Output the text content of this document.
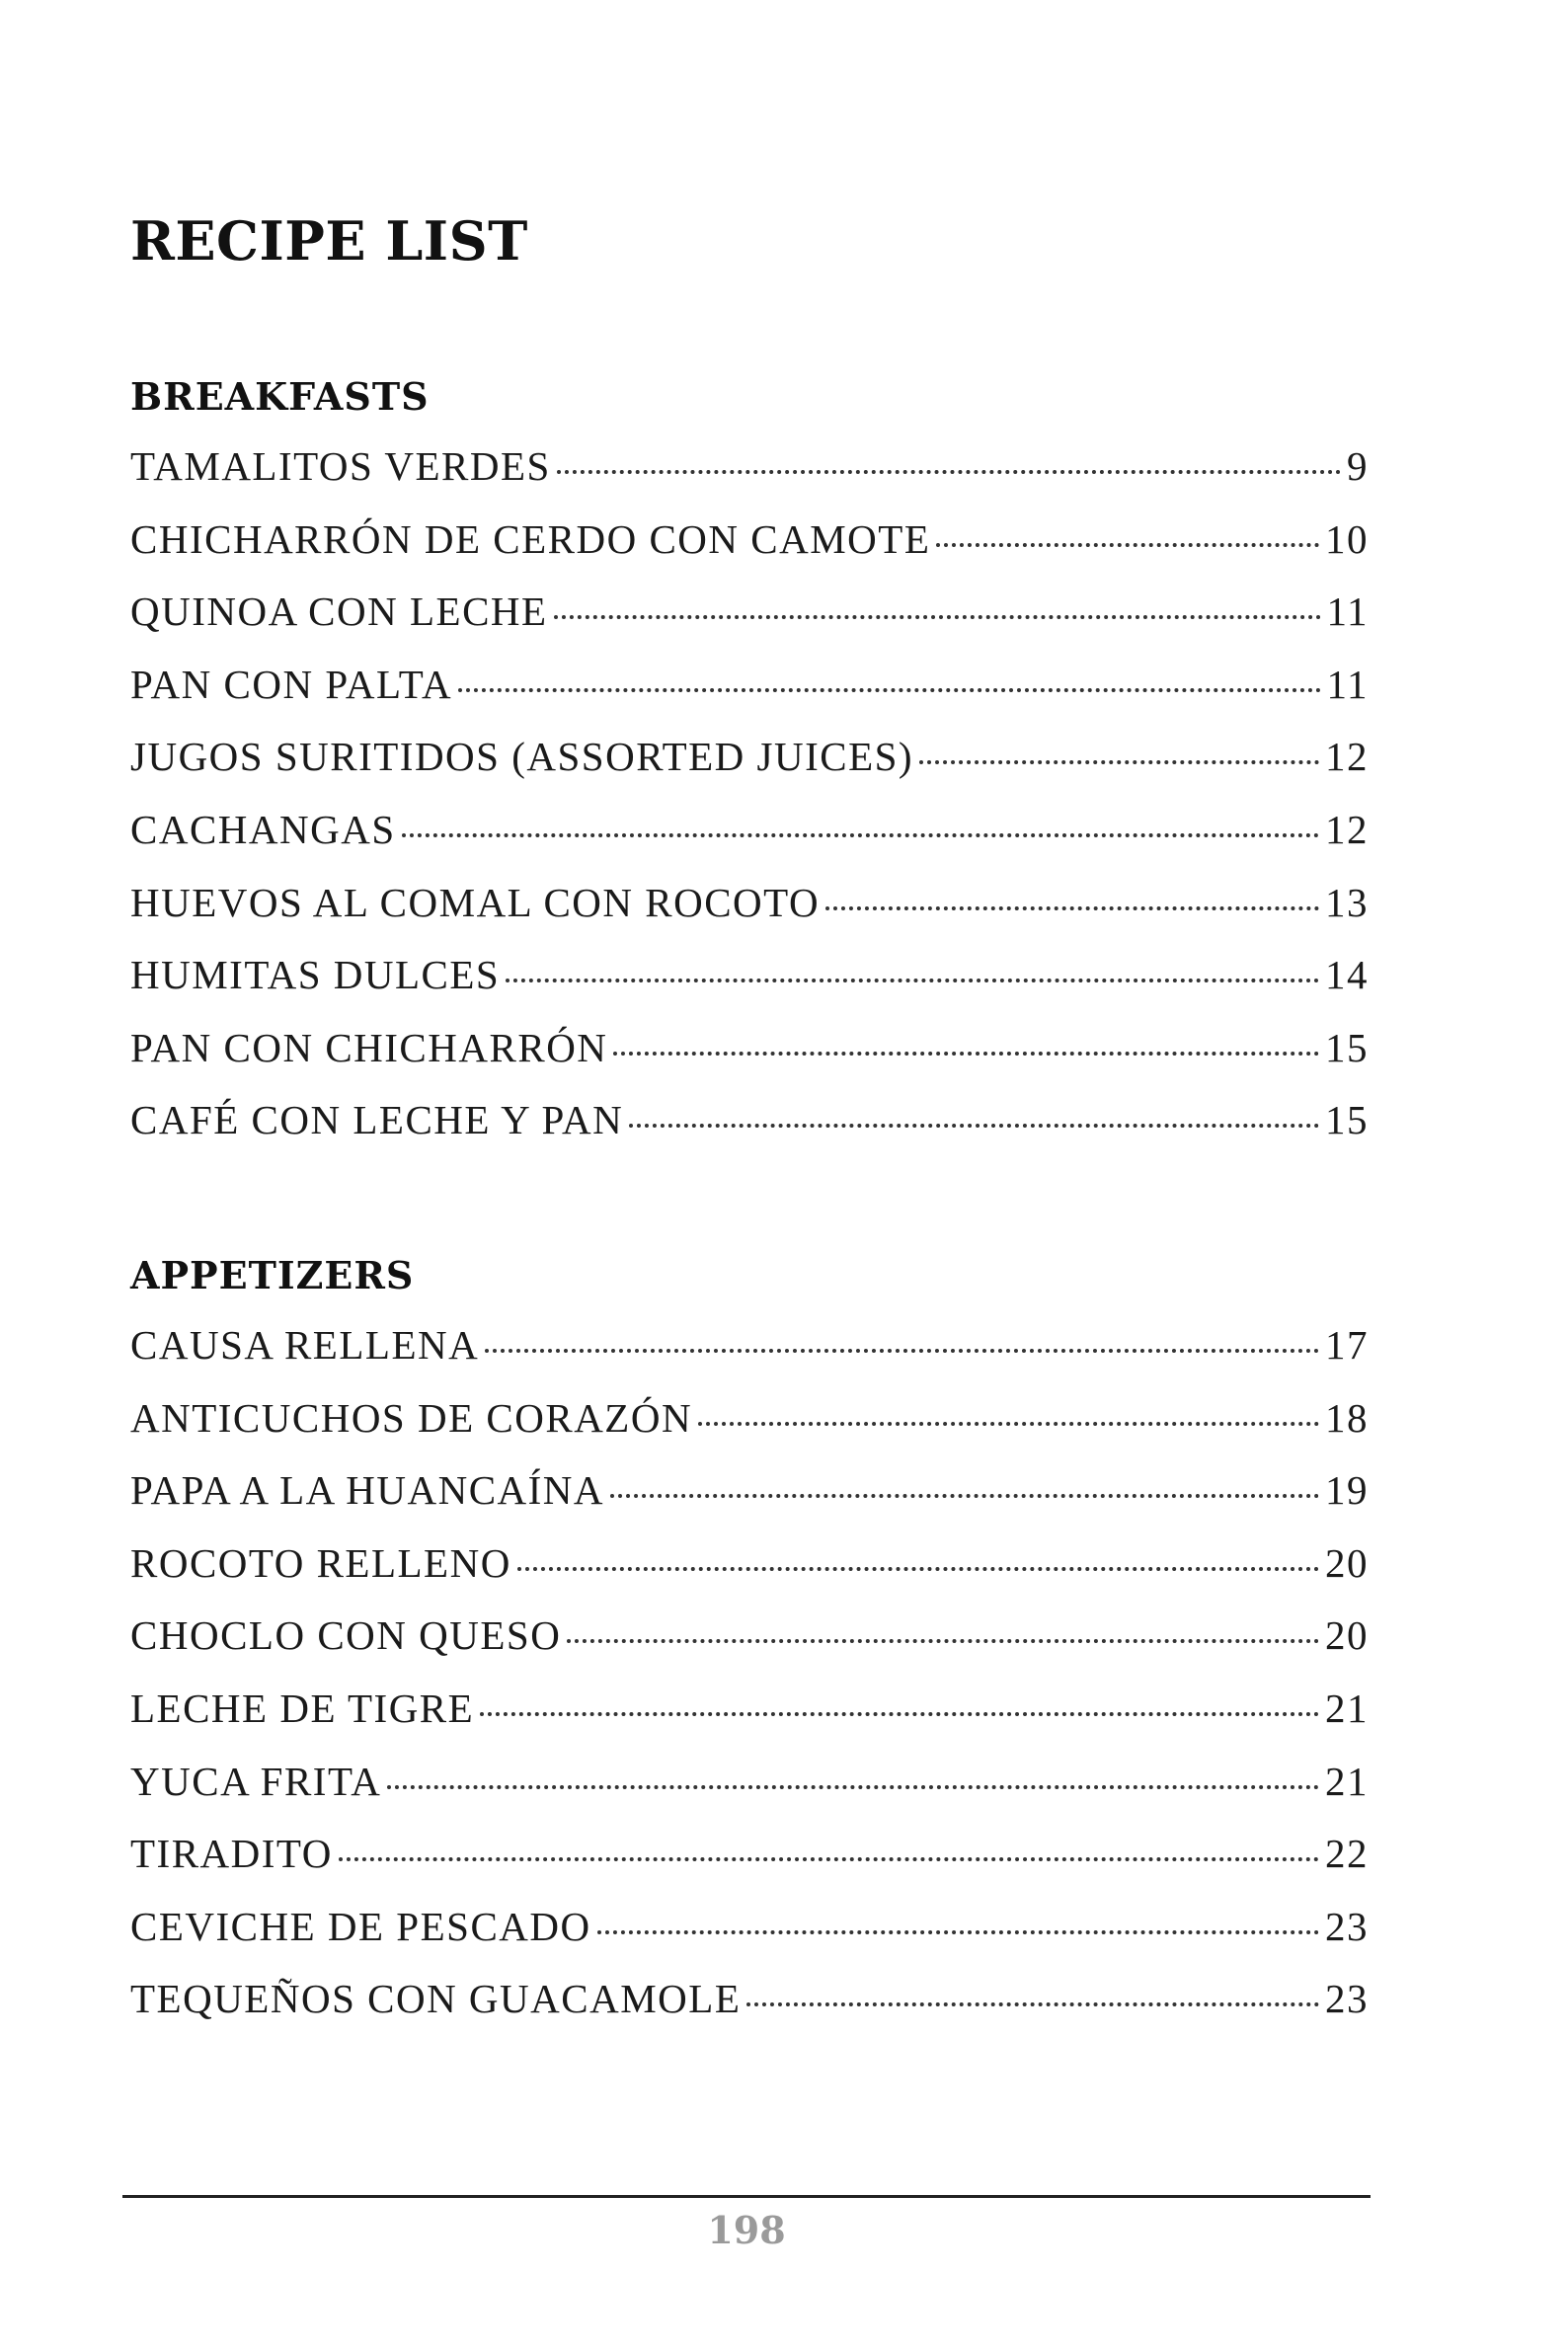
RECIPE LIST
BREAKFASTS
TAMALITOS VERDES	9
CHICHARRÓN DE CERDO CON CAMOTE	10
QUINOA CON LECHE	11
PAN CON PALTA	11
JUGOS SURITIDOS (ASSORTED JUICES)	12
CACHANGAS	12
HUEVOS AL COMAL CON ROCOTO	13
HUMITAS DULCES	14
PAN CON CHICHARRÓN	15
CAFÉ CON LECHE Y PAN	15
APPETIZERS
CAUSA RELLENA	17
ANTICUCHOS DE CORAZÓN	18
PAPA A LA HUANCAÍNA	19
ROCOTO RELLENO	20
CHOCLO CON QUESO	20
LECHE DE TIGRE	21
YUCA FRITA	21
TIRADITO	22
CEVICHE DE PESCADO	23
TEQUEÑOS CON GUACAMOLE	23
198
